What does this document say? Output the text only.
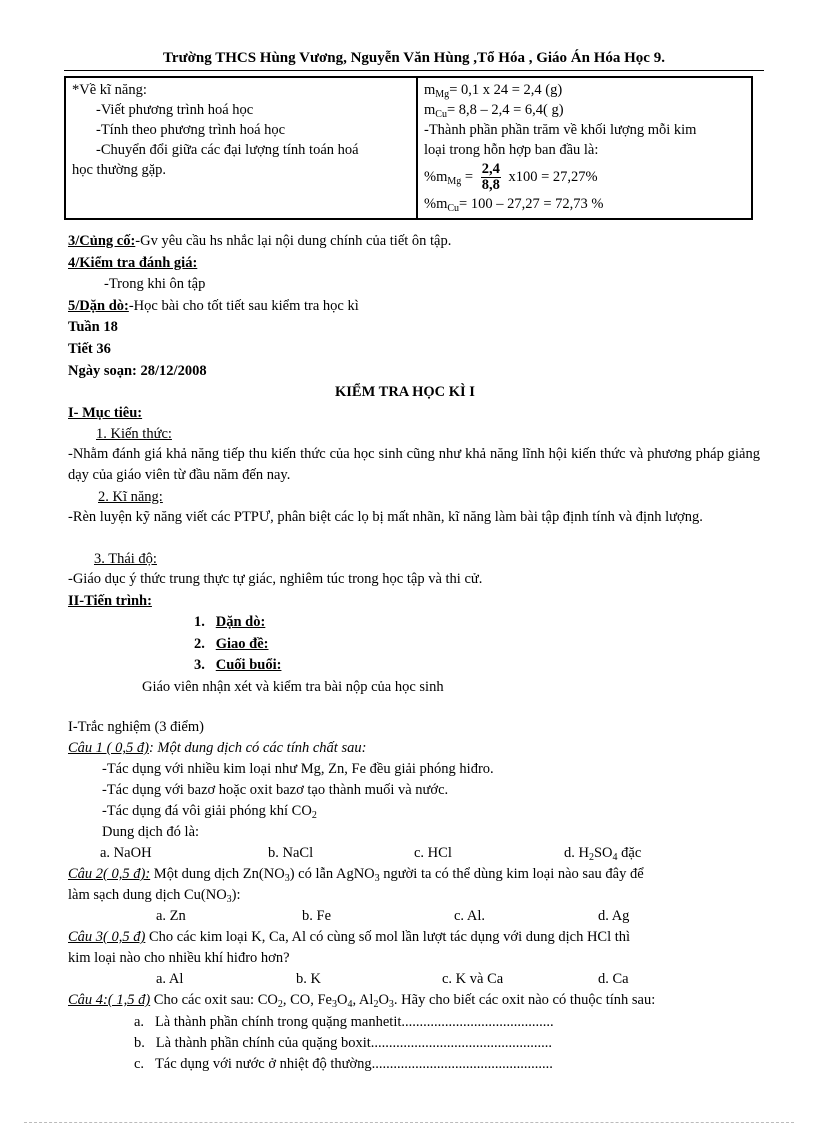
Trường THCS Hùng Vương, Nguyễn Văn Hùng ,Tổ Hóa , Giáo Án Hóa Học 9.
*Về kĩ năng:
-Viết phương trình hoá học
-Tính theo phương trình hoá học
-Chuyển đổi giữa các đại lượng tính toán hoá
học thường gặp.

$m_{Mg}= 0,1$ x 24 = 2,4 (g)
$m_{Cu}= 8,8 - 2,4 = 6,4$( g)
-Thành phần phần trăm về khối lượng mỗi kim
loại trong hỗn hợp ban đầu là:
$\%m_{Mg} = \frac{2,4}{8,8} x100 = 27,27\%$
$\%m_{Cu}= 100 - 27,27 = 72,73$ %
3/Củng cố:-Gv yêu cầu hs nhắc lại nội dung chính của tiết ôn tập.
4/Kiểm tra đánh giá:
-Trong khi ôn tập
5/Dặn dò:-Học bài cho tốt tiết sau kiểm tra học kì
Tuần 18
Tiết 36
Ngày soạn: 28/12/2008
KIỂM TRA HỌC KÌ I
I- Mục tiêu:
1. Kiến thức:
-Nhằm đánh giá khả năng tiếp thu kiến thức của học sinh cũng như khả năng lĩnh hội kiến thức và phương pháp giảng dạy của giáo viên từ đầu năm đến nay.
2. Kĩ năng:
-Rèn luyện kỹ năng viết các PTPƯ, phân biệt các lọ bị mất nhãn, kĩ năng làm bài tập định tính và định lượng.
3. Thái độ:
-Giáo dục ý thức trung thực tự giác, nghiêm túc trong học tập và thi cử.
II-Tiến trình:
1. Dặn dò:
2. Giao đề:
3. Cuối buổi:
Giáo viên nhận xét và kiểm tra bài nộp của học sinh
I-Trắc nghiệm (3 điểm)
Câu 1 ( 0,5 đ): Một dung dịch có các tính chất sau:
-Tác dụng với nhiều kim loại như Mg, Zn, Fe đều giải phóng hiđro.
-Tác dụng với bazơ hoặc oxit bazơ tạo thành muối và nước.
-Tác dụng đá vôi giải phóng khí $CO_2$
Dung dịch đó là:
a. NaOH	b. NaCl	c. HCl	d. $H_2SO_4$ đặc
Câu 2( 0,5 đ): Một dung dịch $Zn(NO_3)$ có lẫn AgNO$_3$ người ta có thể dùng kim loại nào sau đây để
làm sạch dung dịch $Cu(NO_3)$:
a. Zn	b. Fe	c. Al.	d. Ag
Câu 3( 0,5 đ) Cho các kim loại K, Ca, Al có cùng số mol lần lượt tác dụng với dung dịch HCl thì
kim loại nào cho nhiều khí hiđro hơn?
a. Al	b. K	c. K và Ca	d. Ca
Câu 4:( 1,5 đ) Cho các oxit sau: $CO_2$, CO, $Fe_3O_4$, $Al_2O_3$. Hãy cho biết các oxit nào có thuộc tính sau:
a. Là thành phần chính trong quặng manhetit..........................................
b. Là thành phần chính của quặng boxit..................................................
c. Tác dụng với nước ở nhiệt độ thường..................................................
